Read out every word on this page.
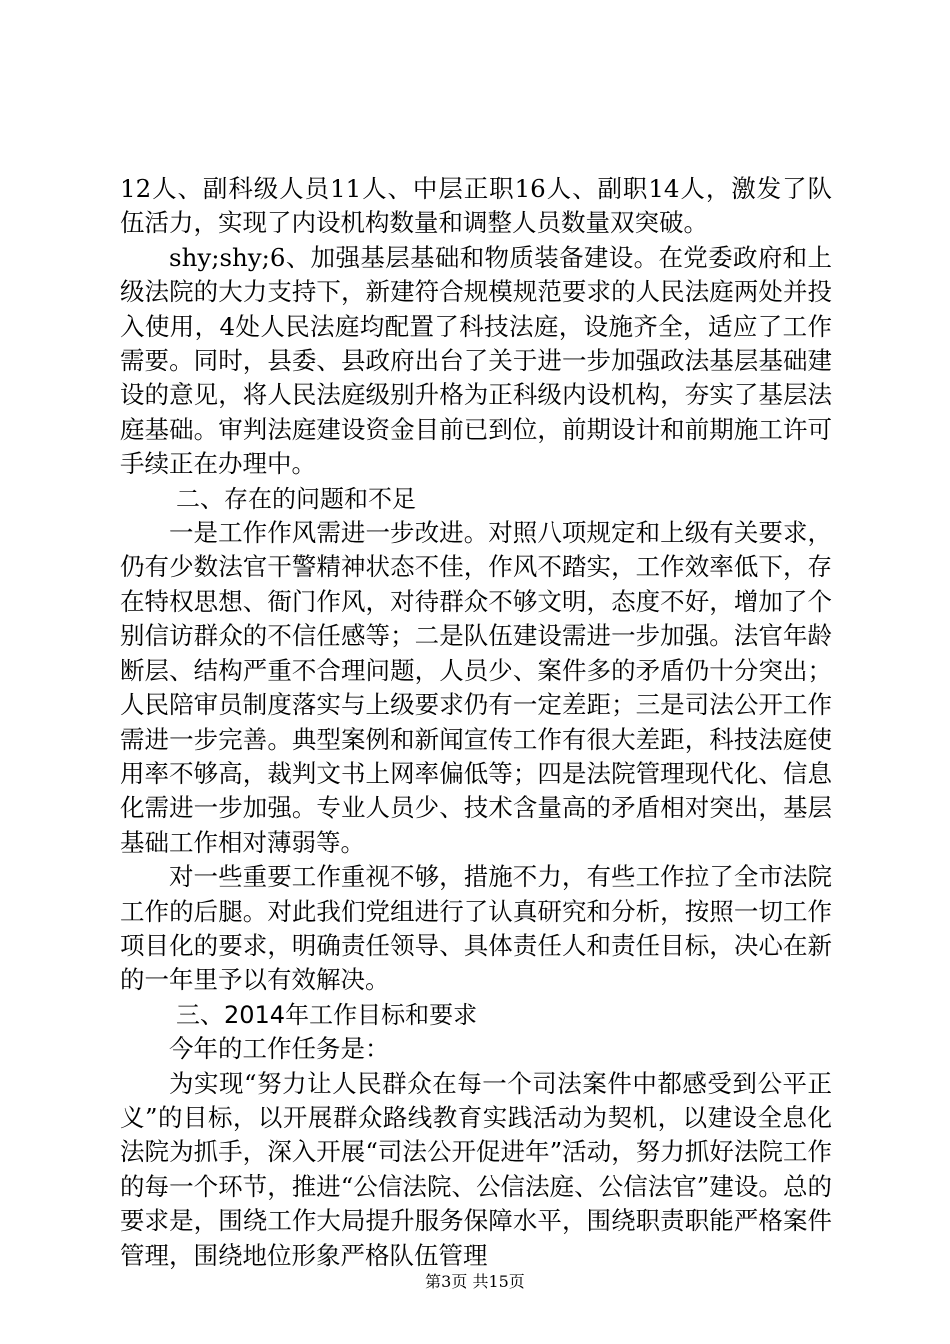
12人、副科级人员11人、中层正职16人、副职14人，激发了队伍活力，实现了内设机构数量和调整人员数量双突破。

shy;shy;6、加强基层基础和物质装备建设。在党委政府和上级法院的大力支持下，新建符合规模规范要求的人民法庭两处并投入使用，4处人民法庭均配置了科技法庭，设施齐全，适应了工作需要。同时，县委、县政府出台了关于进一步加强政法基层基础建设的意见，将人民法庭级别升格为正科级内设机构，夯实了基层法庭基础。审判法庭建设资金目前已到位，前期设计和前期施工许可手续正在办理中。

二、存在的问题和不足

一是工作作风需进一步改进。对照八项规定和上级有关要求，仍有少数法官干警精神状态不佳，作风不踏实，工作效率低下，存在特权思想、衙门作风，对待群众不够文明，态度不好，增加了个别信访群众的不信任感等；二是队伍建设需进一步加强。法官年龄断层、结构严重不合理问题，人员少、案件多的矛盾仍十分突出；人民陪审员制度落实与上级要求仍有一定差距；三是司法公开工作需进一步完善。典型案例和新闻宣传工作有很大差距，科技法庭使用率不够高，裁判文书上网率偏低等；四是法院管理现代化、信息化需进一步加强。专业人员少、技术含量高的矛盾相对突出，基层基础工作相对薄弱等。

对一些重要工作重视不够，措施不力，有些工作拉了全市法院工作的后腿。对此我们党组进行了认真研究和分析，按照一切工作项目化的要求，明确责任领导、具体责任人和责任目标，决心在新的一年里予以有效解决。

三、2014年工作目标和要求

今年的工作任务是：

为实现“努力让人民群众在每一个司法案件中都感受到公平正义”的目标，以开展群众路线教育实践活动为契机，以建设全息化法院为抓手，深入开展“司法公开促进年”活动，努力抓好法院工作的每一个环节，推进“公信法院、公信法庭、公信法官”建设。总的要求是，围绕工作大局提升服务保障水平，围绕职责职能严格案件管理，围绕地位形象严格队伍管理

第3页 共15页
